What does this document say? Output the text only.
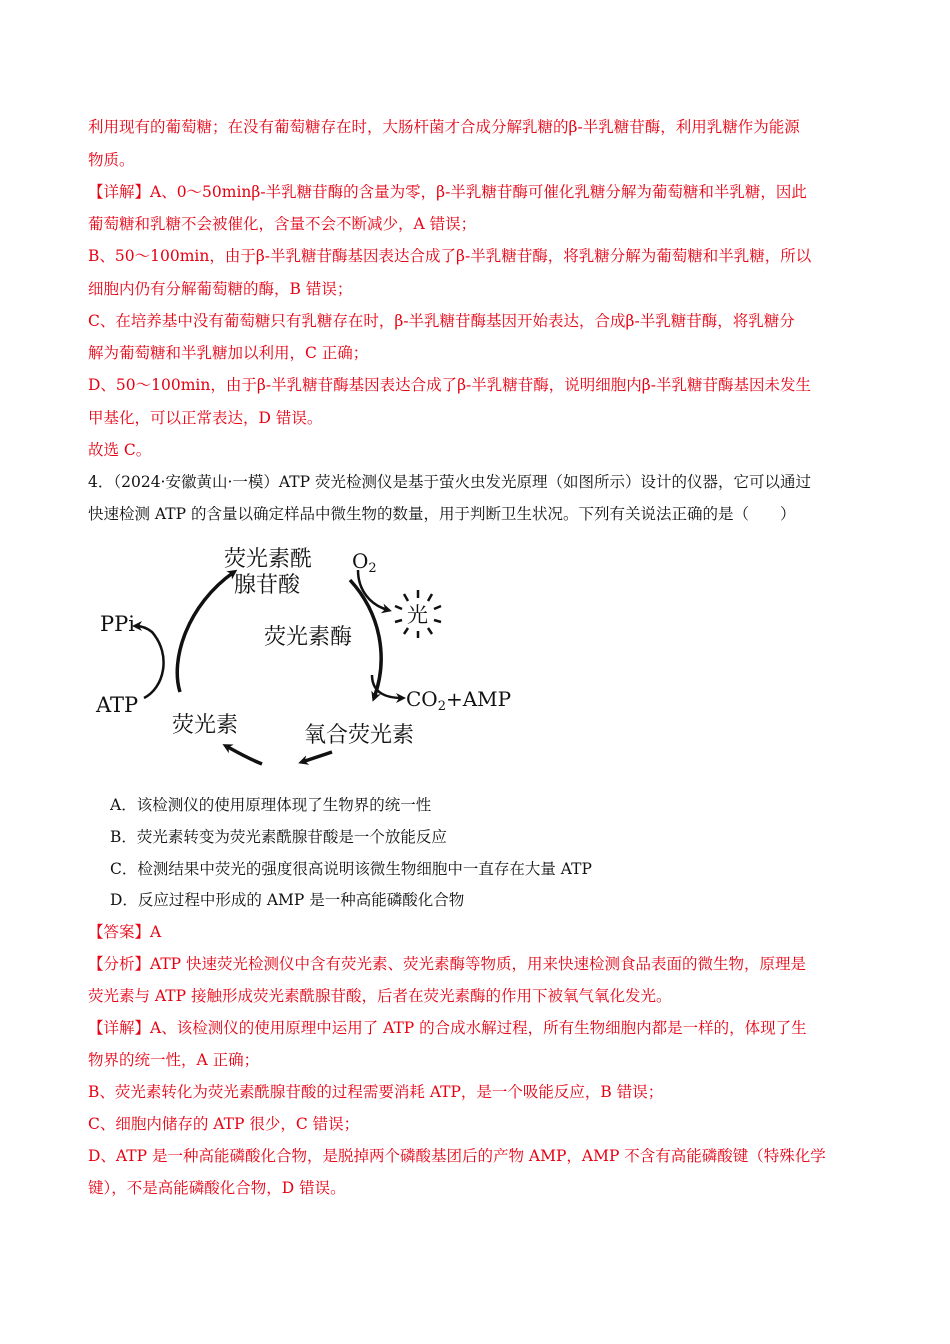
利用现有的葡萄糖；在没有葡萄糖存在时，大肠杆菌才合成分解乳糖的β-半乳糖苷酶，利用乳糖作为能源
物质。
【详解】A、0～50minβ-半乳糖苷酶的含量为零，β-半乳糖苷酶可催化乳糖分解为葡萄糖和半乳糖，因此
葡萄糖和乳糖不会被催化，含量不会不断减少，A 错误；
B、50～100min，由于β-半乳糖苷酶基因表达合成了β-半乳糖苷酶，将乳糖分解为葡萄糖和半乳糖，所以
细胞内仍有分解葡萄糖的酶，B 错误；
C、在培养基中没有葡萄糖只有乳糖存在时，β-半乳糖苷酶基因开始表达，合成β-半乳糖苷酶，将乳糖分
解为葡萄糖和半乳糖加以利用，C 正确；
D、50～100min，由于β-半乳糖苷酶基因表达合成了β-半乳糖苷酶，说明细胞内β-半乳糖苷酶基因未发生
甲基化，可以正常表达，D 错误。
故选 C。
4．（2024·安徽黄山·一模）ATP 荧光检测仪是基于萤火虫发光原理（如图所示）设计的仪器，它可以通过
快速检测 ATP 的含量以确定样品中微生物的数量，用于判断卫生状况。下列有关说法正确的是（　　）
荧光素酰
腺苷酸
$O_2$
光
荧光素酶
PPi
ATP
荧光素
$CO_2+AMP$
氧合荧光素
A．该检测仪的使用原理体现了生物界的统一性
B．荧光素转变为荧光素酰腺苷酸是一个放能反应
C．检测结果中荧光的强度很高说明该微生物细胞中一直存在大量 ATP
D．反应过程中形成的 AMP 是一种高能磷酸化合物
【答案】A
【分析】ATP 快速荧光检测仪中含有荧光素、荧光素酶等物质，用来快速检测食品表面的微生物，原理是
荧光素与 ATP 接触形成荧光素酰腺苷酸，后者在荧光素酶的作用下被氧气氧化发光。
【详解】A、该检测仪的使用原理中运用了 ATP 的合成水解过程，所有生物细胞内都是一样的，体现了生
物界的统一性，A 正确；
B、荧光素转化为荧光素酰腺苷酸的过程需要消耗 ATP，是一个吸能反应，B 错误；
C、细胞内储存的 ATP 很少，C 错误；
D、ATP 是一种高能磷酸化合物，是脱掉两个磷酸基团后的产物 AMP，AMP 不含有高能磷酸键（特殊化学
键），不是高能磷酸化合物，D 错误。
